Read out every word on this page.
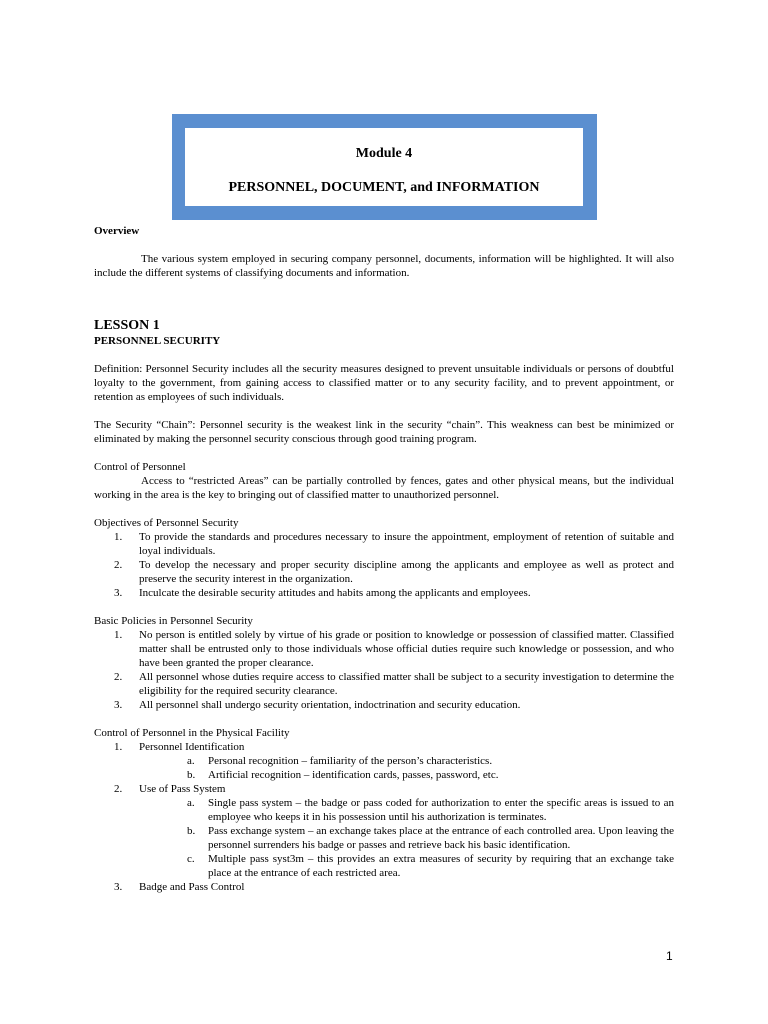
Module 4
PERSONNEL, DOCUMENT, and INFORMATION

Overview

The various system employed in securing company personnel, documents, information will be highlighted. It will also include the different systems of classifying documents and information.

LESSON 1

PERSONNEL SECURITY

Definition: Personnel Security includes all the security measures designed to prevent unsuitable individuals or persons of doubtful loyalty to the government, from gaining access to classified matter or to any security facility, and to prevent appointment, or retention as employees of such individuals.

The Security “Chain”: Personnel security is the weakest link in the security “chain”. This weakness can best be minimized or eliminated by making the personnel security conscious through good training program.

Control of Personnel

Access to “restricted Areas” can be partially controlled by fences, gates and other physical means, but the individual working in the area is the key to bringing out of classified matter to unauthorized personnel.

Objectives of Personnel Security

1. To provide the standards and procedures necessary to insure the appointment, employment of retention of suitable and loyal individuals.
2. To develop the necessary and proper security discipline among the applicants and employee as well as protect and preserve the security interest in the organization.
3. Inculcate the desirable security attitudes and habits among the applicants and employees.

Basic Policies in Personnel Security

1. No person is entitled solely by virtue of his grade or position to knowledge or possession of classified matter. Classified matter shall be entrusted only to those individuals whose official duties require such knowledge or possession, and who have been granted the proper clearance.
2. All personnel whose duties require access to classified matter shall be subject to a security investigation to determine the eligibility for the required security clearance.
3. All personnel shall undergo security orientation, indoctrination and security education.

Control of Personnel in the Physical Facility

1. Personnel Identification
a. Personal recognition – familiarity of the person’s characteristics.
b. Artificial recognition – identification cards, passes, password, etc.
2. Use of Pass System
a. Single pass system – the badge or pass coded for authorization to enter the specific areas is issued to an employee who keeps it in his possession until his authorization is terminates.
b. Pass exchange system – an exchange takes place at the entrance of each controlled area. Upon leaving the personnel surrenders his badge or passes and retrieve back his basic identification.
c. Multiple pass syst3m – this provides an extra measures of security by requiring that an exchange take place at the entrance of each restricted area.
3. Badge and Pass Control
1
